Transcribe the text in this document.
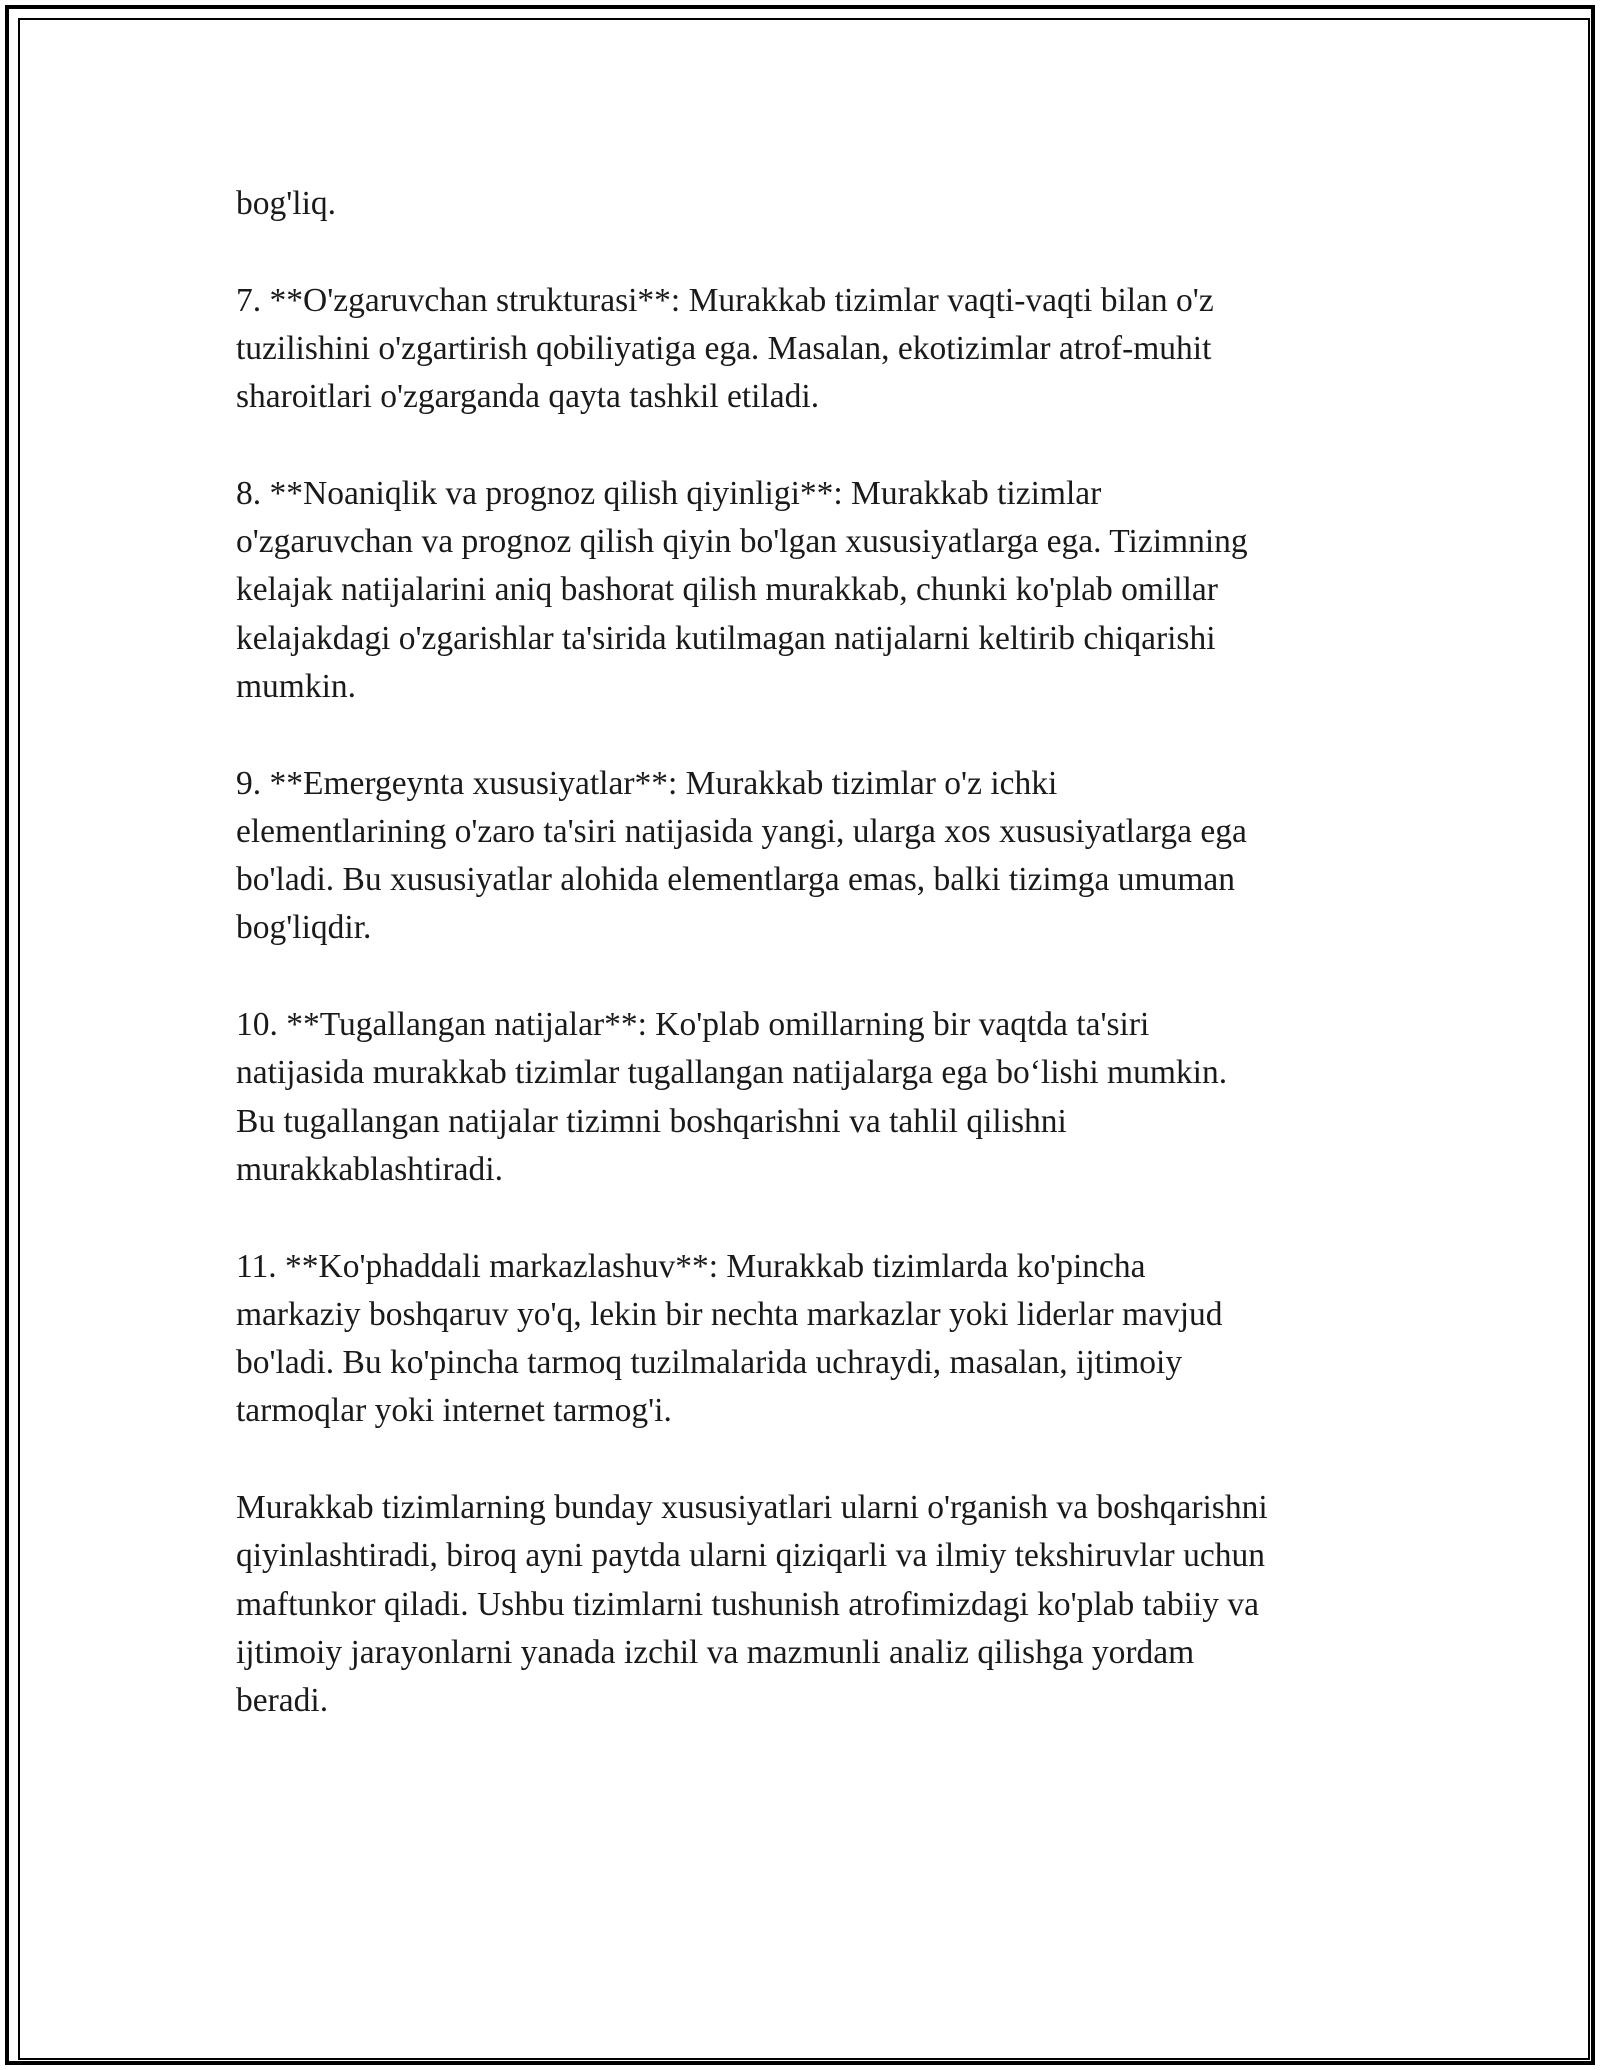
bog'liq.

7. **O'zgaruvchan strukturasi**: Murakkab tizimlar vaqti-vaqti bilan o'z
tuzilishini o'zgartirish qobiliyatiga ega. Masalan, ekotizimlar atrof-muhit
sharoitlari o'zgarganda qayta tashkil etiladi.

8. **Noaniqlik va prognoz qilish qiyinligi**: Murakkab tizimlar
o'zgaruvchan va prognoz qilish qiyin bo'lgan xususiyatlarga ega. Tizimning
kelajak natijalarini aniq bashorat qilish murakkab, chunki ko'plab omillar
kelajakdagi o'zgarishlar ta'sirida kutilmagan natijalarni keltirib chiqarishi
mumkin.

9. **Emergeynta xususiyatlar**: Murakkab tizimlar o'z ichki
elementlarining o'zaro ta'siri natijasida yangi, ularga xos xususiyatlarga ega
bo'ladi. Bu xususiyatlar alohida elementlarga emas, balki tizimga umuman
bog'liqdir.

10. **Tugallangan natijalar**: Ko'plab omillarning bir vaqtda ta'siri
natijasida murakkab tizimlar tugallangan natijalarga ega bo‘lishi mumkin.
Bu tugallangan natijalar tizimni boshqarishni va tahlil qilishni
murakkablashtiradi.

11. **Ko'phaddali markazlashuv**: Murakkab tizimlarda ko'pincha
markaziy boshqaruv yo'q, lekin bir nechta markazlar yoki liderlar mavjud
bo'ladi. Bu ko'pincha tarmoq tuzilmalarida uchraydi, masalan, ijtimoiy
tarmoqlar yoki internet tarmog'i.

Murakkab tizimlarning bunday xususiyatlari ularni o'rganish va boshqarishni
qiyinlashtiradi, biroq ayni paytda ularni qiziqarli va ilmiy tekshiruvlar uchun
maftunkor qiladi. Ushbu tizimlarni tushunish atrofimizdagi ko'plab tabiiy va
ijtimoiy jarayonlarni yanada izchil va mazmunli analiz qilishga yordam
beradi.
